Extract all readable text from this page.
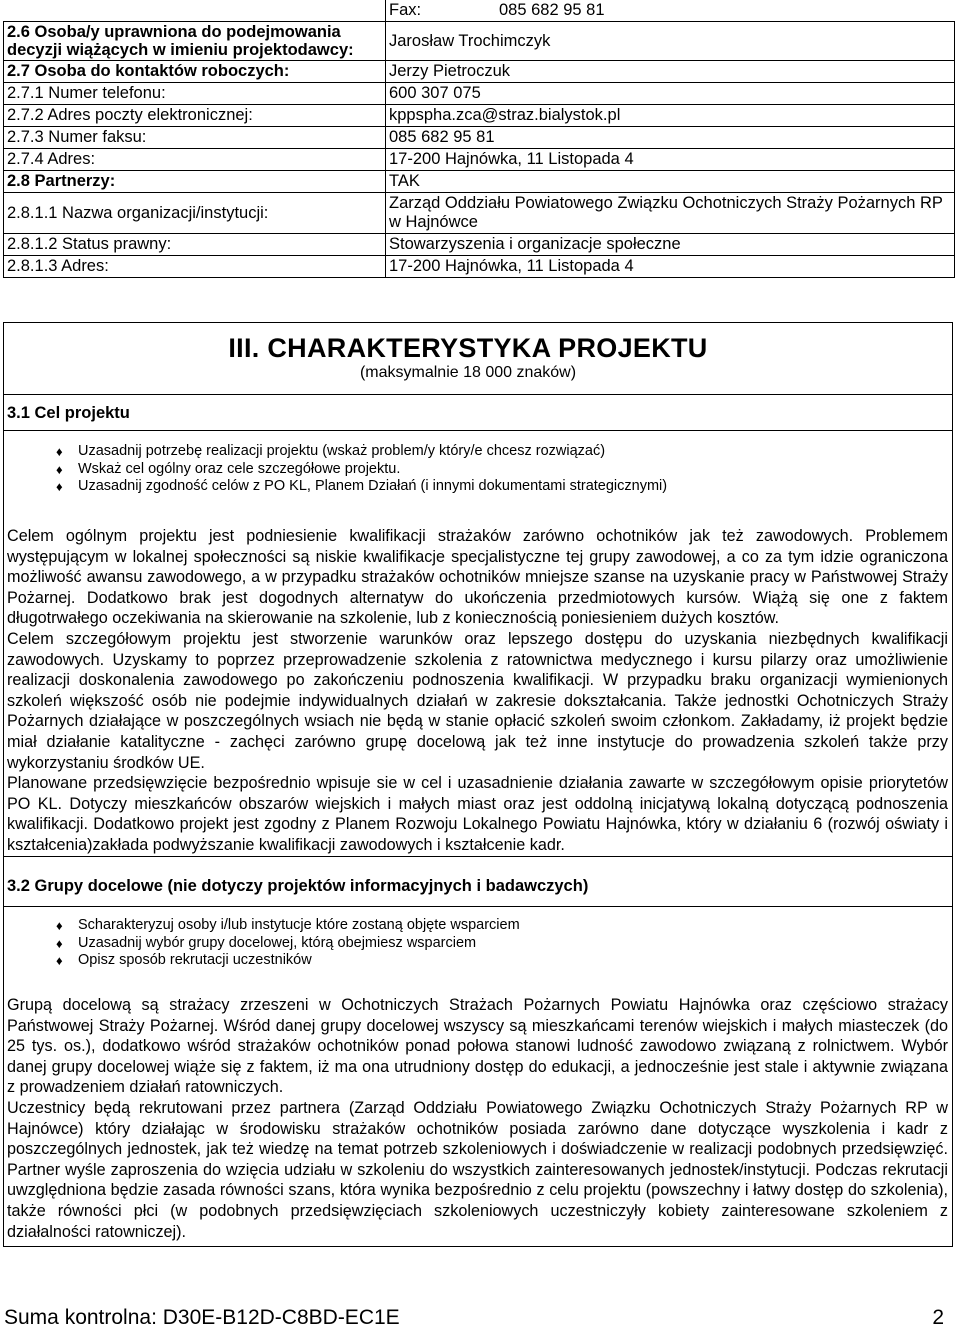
	Fax: 085 682 95 81
2.6 Osoba/y uprawniona do podejmowania decyzji wiążących w imieniu projektodawcy:	Jarosław Trochimczyk
2.7 Osoba do kontaktów roboczych:	Jerzy Pietroczuk
2.7.1 Numer telefonu:	600 307 075
2.7.2 Adres poczty elektronicznej:	kppspha.zca@straz.bialystok.pl
2.7.3 Numer faksu:	085 682 95 81
2.7.4 Adres:	17-200 Hajnówka, 11 Listopada 4
2.8 Partnerzy:	TAK
2.8.1.1 Nazwa organizacji/instytucji:	Zarząd Oddziału Powiatowego Związku Ochotniczych Straży Pożarnych RP w Hajnówce
2.8.1.2 Status prawny:	Stowarzyszenia i organizacje społeczne
2.8.1.3 Adres:	17-200 Hajnówka, 11 Listopada 4
III. CHARAKTERYSTYKA PROJEKTU
(maksymalnie 18 000 znaków)
3.1 Cel projektu
♦ Uzasadnij potrzebę realizacji projektu (wskaż problem/y który/e chcesz rozwiązać)
♦ Wskaż cel ogólny oraz cele szczegółowe projektu.
♦ Uzasadnij zgodność celów z PO KL, Planem Działań (i innymi dokumentami strategicznymi)

Celem ogólnym projektu jest podniesienie kwalifikacji strażaków zarówno ochotników jak też zawodowych. Problemem występującym w lokalnej społeczności są niskie kwalifikacje specjalistyczne tej grupy zawodowej, a co za tym idzie ograniczona możliwość awansu zawodowego, a w przypadku strażaków ochotników mniejsze szanse na uzyskanie pracy w Państwowej Straży Pożarnej. Dodatkowo brak jest dogodnych alternatyw do ukończenia przedmiotowych kursów. Wiążą się one z faktem długotrwałego oczekiwania na skierowanie na szkolenie, lub z koniecznością poniesieniem dużych kosztów.

Celem szczegółowym projektu jest stworzenie warunków oraz lepszego dostępu do uzyskania niezbędnych kwalifikacji zawodowych. Uzyskamy to poprzez przeprowadzenie szkolenia z ratownictwa medycznego i kursu pilarzy oraz umożliwienie realizacji doskonalenia zawodowego po zakończeniu podnoszenia kwalifikacji. W przypadku braku organizacji wymienionych szkoleń większość osób nie podejmie indywidualnych działań w zakresie dokształcania. Także jednostki Ochotniczych Straży Pożarnych działające w poszczególnych wsiach nie będą w stanie opłacić szkoleń swoim członkom. Zakładamy, iż projekt będzie miał działanie katalityczne - zachęci zarówno grupę docelową jak też inne instytucje do prowadzenia szkoleń także przy wykorzystaniu środków UE.

Planowane przedsięwzięcie bezpośrednio wpisuje sie w cel i uzasadnienie działania zawarte w szczegółowym opisie priorytetów PO KL. Dotyczy mieszkańców obszarów wiejskich i małych miast oraz jest oddolną inicjatywą lokalną dotyczącą podnoszenia kwalifikacji. Dodatkowo projekt jest zgodny z Planem Rozwoju Lokalnego Powiatu Hajnówka, który w działaniu 6 (rozwój oświaty i kształcenia)zakłada podwyższanie kwalifikacji zawodowych i kształcenie kadr.

3.2 Grupy docelowe (nie dotyczy projektów informacyjnych i badawczych)
♦ Scharakteryzuj osoby i/lub instytucje które zostaną objęte wsparciem
♦ Uzasadnij wybór grupy docelowej, którą obejmiesz wsparciem
♦ Opisz sposób rekrutacji uczestników

Grupą docelową są strażacy zrzeszeni w Ochotniczych Strażach Pożarnych Powiatu Hajnówka oraz częściowo strażacy Państwowej Straży Pożarnej. Wśród danej grupy docelowej wszyscy są mieszkańcami terenów wiejskich i małych miasteczek (do 25 tys. os.), dodatkowo wśród strażaków ochotników ponad połowa stanowi ludność zawodowo związaną z rolnictwem. Wybór danej grupy docelowej wiąże się z faktem, iż ma ona utrudniony dostęp do edukacji, a jednocześnie jest stale i aktywnie związana z prowadzeniem działań ratowniczych.

Uczestnicy będą rekrutowani przez partnera (Zarząd Oddziału Powiatowego Związku Ochotniczych Straży Pożarnych RP w Hajnówce) który działając w środowisku strażaków ochotników posiada zarówno dane dotyczące wyszkolenia i kadr z poszczególnych jednostek, jak też wiedzę na temat potrzeb szkoleniowych i doświadczenie w realizacji podobnych przedsięwzięć. Partner wyśle zaproszenia do wzięcia udziału w szkoleniu do wszystkich zainteresowanych jednostek/instytucji. Podczas rekrutacji uwzględniona będzie zasada równości szans, która wynika bezpośrednio z celu projektu (powszechny i łatwy dostęp do szkolenia), także równości płci (w podobnych przedsięwzięciach szkoleniowych uczestniczyły kobiety zainteresowane szkoleniem z działalności ratowniczej).

Suma kontrolna: D30E-B12D-C8BD-EC1E	2
